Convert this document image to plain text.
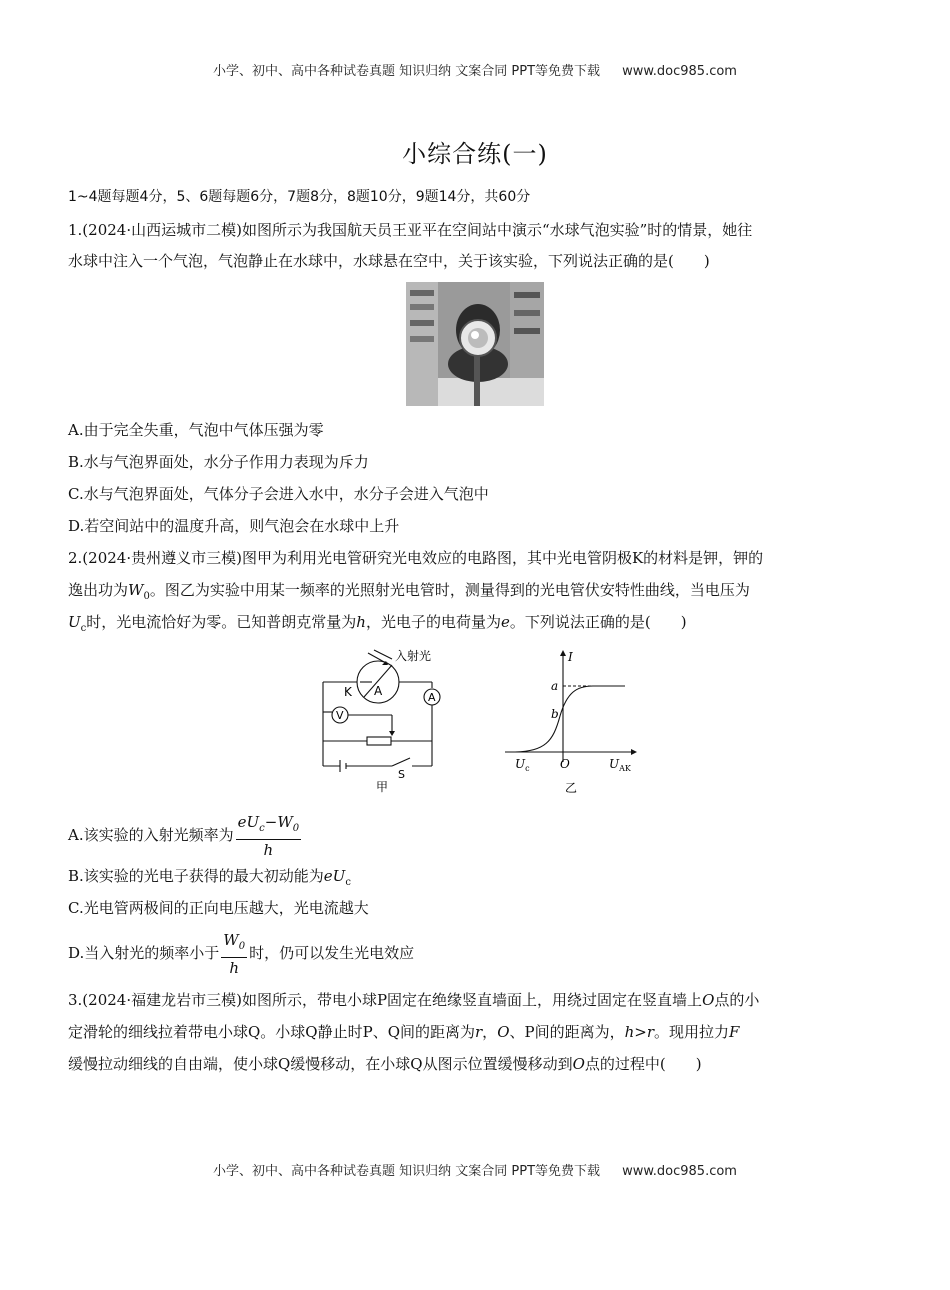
小学、初中、高中各种试卷真题 知识归纳 文案合同 PPT等免费下载 www.doc985.com
小综合练(一)
1~4题每题4分，5、6题每题6分，7题8分，8题10分，9题14分，共60分
1.(2024·山西运城市二模)如图所示为我国航天员王亚平在空间站中演示“水球气泡实验”时的情景，她往
水球中注入一个气泡，气泡静止在水球中，水球悬在空中，关于该实验，下列说法正确的是(　　)
A.由于完全失重，气泡中气体压强为零
B.水与气泡界面处，水分子作用力表现为斥力
C.水与气泡界面处，气体分子会进入水中，水分子会进入气泡中
D.若空间站中的温度升高，则气泡会在水球中上升
2.(2024·贵州遵义市三模)图甲为利用光电管研究光电效应的电路图，其中光电管阴极K的材料是钾，钾的
逸出功为$W_0$。图乙为实验中用某一频率的光照射光电管时，测量得到的光电管伏安特性曲线，当电压为
$U_c$时，光电流恰好为零。已知普朗克常量为h，光电子的电荷量为e。下列说法正确的是(　　)
入射光
K A	A
V
S
甲
I
a
b
$U_c$	O	$U_{AK}$
乙
A.该实验的入射光频率为 $\frac{eU_c-W_0}{h}$
B.该实验的光电子获得的最大初动能为$eU_c$
C.光电管两极间的正向电压越大，光电流越大
D.当入射光的频率小于 $\frac{W_0}{h}$ 时，仍可以发生光电效应
3.(2024·福建龙岩市三模)如图所示，带电小球P固定在绝缘竖直墙面上，用绕过固定在竖直墙上O点的小
定滑轮的细线拉着带电小球Q。小球Q静止时P、Q间的距离为r，O、P间的距离为，h>r。现用拉力F
缓慢拉动细线的自由端，使小球Q缓慢移动，在小球Q从图示位置缓慢移动到O点的过程中(　　)
小学、初中、高中各种试卷真题 知识归纳 文案合同 PPT等免费下载 www.doc985.com
